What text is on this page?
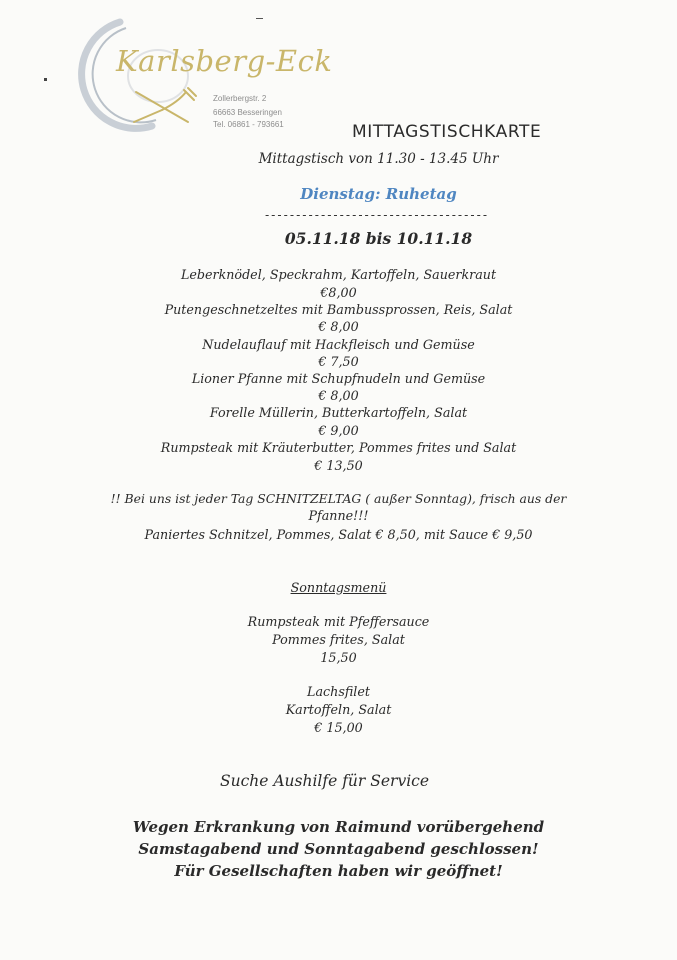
Karlsberg-Eck
Zollerbergstr. 2
66663 Besseringen
Tel. 06861 - 793661	MITTAGSTISCHKARTE
Mittagstisch von 11.30 - 13.45 Uhr
Dienstag: Ruhetag
------------------------------------
05.11.18 bis 10.11.18
Leberknödel, Speckrahm, Kartoffeln, Sauerkraut
€8,00
Putengeschnetzeltes mit Bambussprossen, Reis, Salat
€ 8,00
Nudelauflauf mit Hackfleisch und Gemüse
€ 7,50
Lioner Pfanne mit Schupfnudeln und Gemüse
€ 8,00
Forelle Müllerin, Butterkartoffeln, Salat
€ 9,00
Rumpsteak mit Kräuterbutter, Pommes frites und Salat
€ 13,50
!! Bei uns ist jeder Tag SCHNITZELTAG ( außer Sonntag), frisch aus der
Pfanne!!!
Paniertes Schnitzel, Pommes, Salat € 8,50, mit Sauce € 9,50
Sonntagsmenü
Rumpsteak mit Pfeffersauce
Pommes frites, Salat
15,50
Lachsfilet
Kartoffeln, Salat
€ 15,00
Suche Aushilfe für Service
Wegen Erkrankung von Raimund vorübergehend
Samstagabend und Sonntagabend geschlossen!
Für Gesellschaften haben wir geöffnet!
